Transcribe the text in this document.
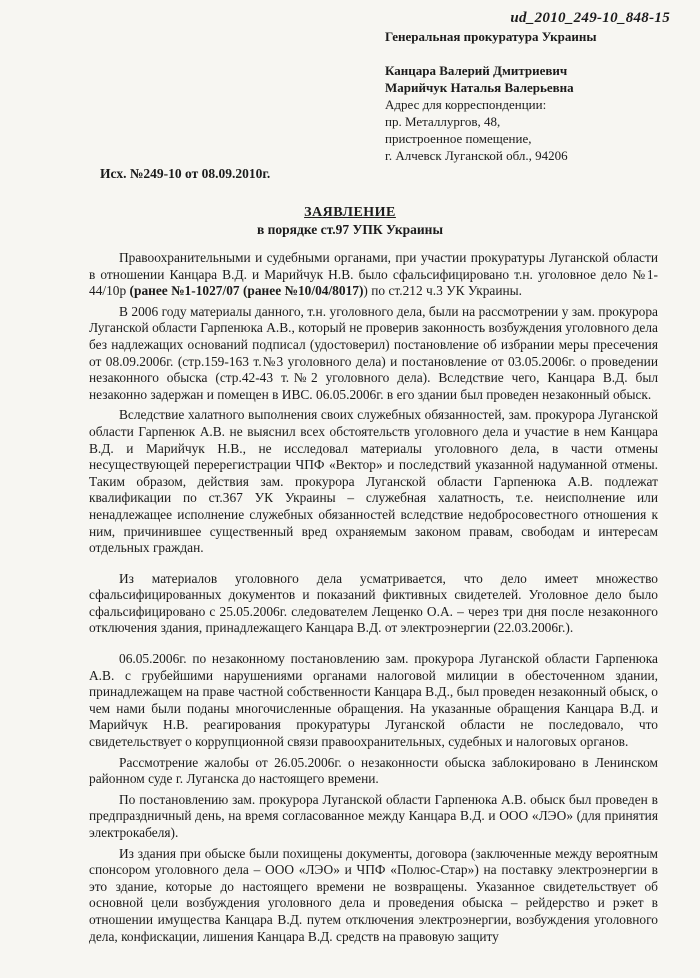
ud_2010_249-10_848-15
Генеральная прокуратура Украины
Канцара Валерий Дмитриевич
Марийчук Наталья Валерьевна
Адрес для корреспонденции:
пр. Металлургов, 48,
пристроенное помещение,
г. Алчевск Луганской обл., 94206
Исх. №249-10 от 08.09.2010г.
ЗАЯВЛЕНИЕ
в порядке ст.97 УПК Украины

Правоохранительными и судебными органами, при участии прокуратуры Луганской области в отношении Канцара В.Д. и Марийчук Н.В. было сфальсифицировано т.н. уголовное дело №1-44/10р (ранее №1-1027/07 (ранее №10/04/8017)) по ст.212 ч.3 УК Украины.

В 2006 году материалы данного, т.н. уголовного дела, были на рассмотрении у зам. прокурора Луганской области Гарпенюка А.В., который не проверив законность возбуждения уголовного дела без надлежащих оснований подписал (удостоверил) постановление об избрании меры пресечения от 08.09.2006г. (стр.159-163 т.№3 уголовного дела) и постановление от 03.05.2006г. о проведении незаконного обыска (стр.42-43 т.№2 уголовного дела). Вследствие чего, Канцара В.Д. был незаконно задержан и помещен в ИВС. 06.05.2006г. в его здании был проведен незаконный обыск.

Вследствие халатного выполнения своих служебных обязанностей, зам. прокурора Луганской области Гарпенюк А.В. не выяснил всех обстоятельств уголовного дела и участие в нем Канцара В.Д. и Марийчук Н.В., не исследовал материалы уголовного дела, в части отмены несуществующей перерегистрации ЧПФ «Вектор» и последствий указанной надуманной отмены. Таким образом, действия зам. прокурора Луганской области Гарпенюка А.В. подлежат квалификации по ст.367 УК Украины – служебная халатность, т.е. неисполнение или ненадлежащее исполнение служебных обязанностей вследствие недобросовестного отношения к ним, причинившее существенный вред охраняемым законом правам, свободам и интересам отдельных граждан.

Из материалов уголовного дела усматривается, что дело имеет множество сфальсифицированных документов и показаний фиктивных свидетелей. Уголовное дело было сфальсифицировано с 25.05.2006г. следователем Лещенко О.А. – через три дня после незаконного отключения здания, принадлежащего Канцара В.Д. от электроэнергии (22.03.2006г.).

06.05.2006г. по незаконному постановлению зам. прокурора Луганской области Гарпенюка А.В. с грубейшими нарушениями органами налоговой милиции в обесточенном здании, принадлежащем на праве частной собственности Канцара В.Д., был проведен незаконный обыск, о чем нами были поданы многочисленные обращения. На указанные обращения Канцара В.Д. и Марийчук Н.В. реагирования прокуратуры Луганской области не последовало, что свидетельствует о коррупционной связи правоохранительных, судебных и налоговых органов.

Рассмотрение жалобы от 26.05.2006г. о незаконности обыска заблокировано в Ленинском районном суде г. Луганска до настоящего времени.

По постановлению зам. прокурора Луганской области Гарпенюка А.В. обыск был проведен в предпраздничный день, на время согласованное между Канцара В.Д. и ООО «ЛЭО» (для принятия электрокабеля).

Из здания при обыске были похищены документы, договора (заключенные между вероятным спонсором уголовного дела – ООО «ЛЭО» и ЧПФ «Полюс-Стар») на поставку электроэнергии в это здание, которые до настоящего времени не возвращены. Указанное свидетельствует об основной цели возбуждения уголовного дела и проведения обыска – рейдерство и рэкет в отношении имущества Канцара В.Д. путем отключения электроэнергии, возбуждения уголовного дела, конфискации, лишения Канцара В.Д. средств на правовую защиту
